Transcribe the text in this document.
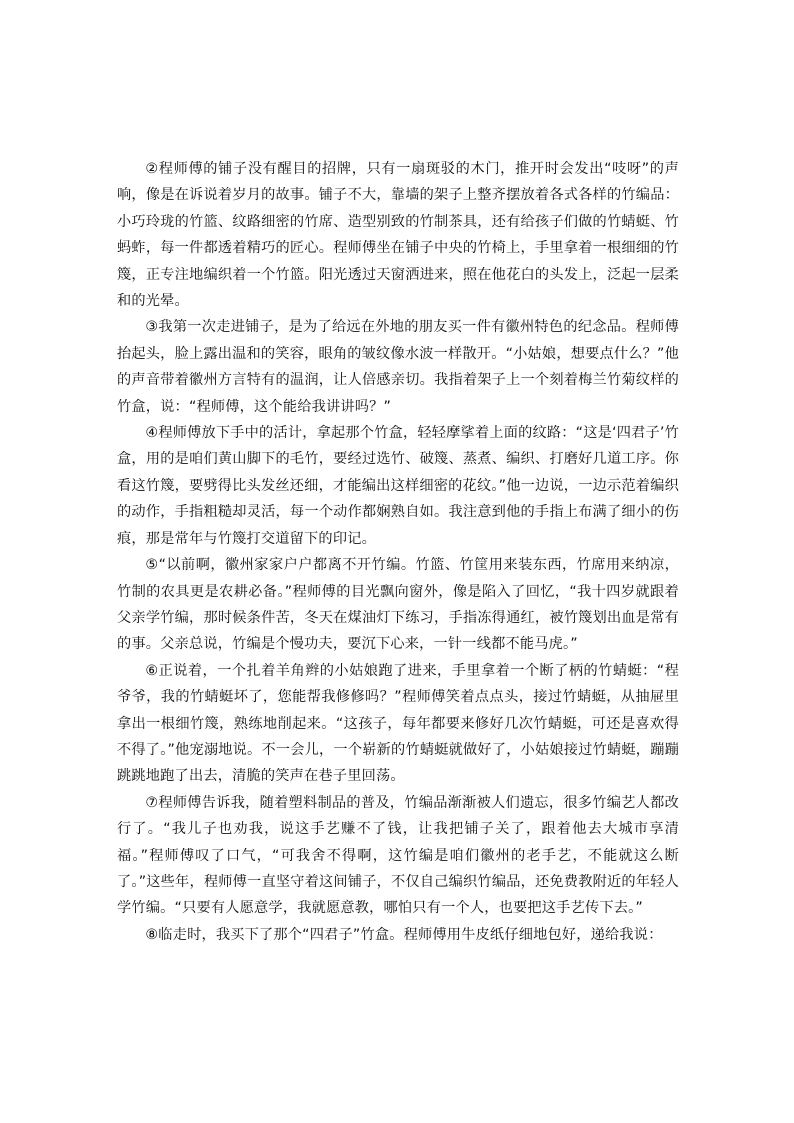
②程师傅的铺子没有醒目的招牌，只有一扇斑驳的木门，推开时会发出“吱呀”的声响，像是在诉说着岁月的故事。铺子不大，靠墙的架子上整齐摆放着各式各样的竹编品：小巧玲珑的竹篮、纹路细密的竹席、造型别致的竹制茶具，还有给孩子们做的竹蜻蜓、竹蚂蚱，每一件都透着精巧的匠心。程师傅坐在铺子中央的竹椅上，手里拿着一根细细的竹篾，正专注地编织着一个竹篮。阳光透过天窗洒进来，照在他花白的头发上，泛起一层柔和的光晕。

③我第一次走进铺子，是为了给远在外地的朋友买一件有徽州特色的纪念品。程师傅抬起头，脸上露出温和的笑容，眼角的皱纹像水波一样散开。“小姑娘，想要点什么？”他的声音带着徽州方言特有的温润，让人倍感亲切。我指着架子上一个刻着梅兰竹菊纹样的竹盒，说：“程师傅，这个能给我讲讲吗？”

④程师傅放下手中的活计，拿起那个竹盒，轻轻摩挲着上面的纹路：“这是‘四君子’竹盒，用的是咱们黄山脚下的毛竹，要经过选竹、破篾、蒸煮、编织、打磨好几道工序。你看这竹篾，要劈得比头发丝还细，才能编出这样细密的花纹。”他一边说，一边示范着编织的动作，手指粗糙却灵活，每一个动作都娴熟自如。我注意到他的手指上布满了细小的伤痕，那是常年与竹篾打交道留下的印记。

⑤“以前啊，徽州家家户户都离不开竹编。竹篮、竹筐用来装东西，竹席用来纳凉，竹制的农具更是农耕必备。”程师傅的目光飘向窗外，像是陷入了回忆，“我十四岁就跟着父亲学竹编，那时候条件苦，冬天在煤油灯下练习，手指冻得通红，被竹篾划出血是常有的事。父亲总说，竹编是个慢功夫，要沉下心来，一针一线都不能马虎。”

⑥正说着，一个扎着羊角辫的小姑娘跑了进来，手里拿着一个断了柄的竹蜻蜓：“程爷爷，我的竹蜻蜓坏了，您能帮我修修吗？”程师傅笑着点点头，接过竹蜻蜓，从抽屉里拿出一根细竹篾，熟练地削起来。“这孩子，每年都要来修好几次竹蜻蜓，可还是喜欢得不得了。”他宠溺地说。不一会儿，一个崭新的竹蜻蜓就做好了，小姑娘接过竹蜻蜓，蹦蹦跳跳地跑了出去，清脆的笑声在巷子里回荡。

⑦程师傅告诉我，随着塑料制品的普及，竹编品渐渐被人们遗忘，很多竹编艺人都改行了。“我儿子也劝我，说这手艺赚不了钱，让我把铺子关了，跟着他去大城市享清福。”程师傅叹了口气，“可我舍不得啊，这竹编是咱们徽州的老手艺，不能就这么断了。”这些年，程师傅一直坚守着这间铺子，不仅自己编织竹编品，还免费教附近的年轻人学竹编。“只要有人愿意学，我就愿意教，哪怕只有一个人，也要把这手艺传下去。”

⑧临走时，我买下了那个“四君子”竹盒。程师傅用牛皮纸仔细地包好，递给我说：
